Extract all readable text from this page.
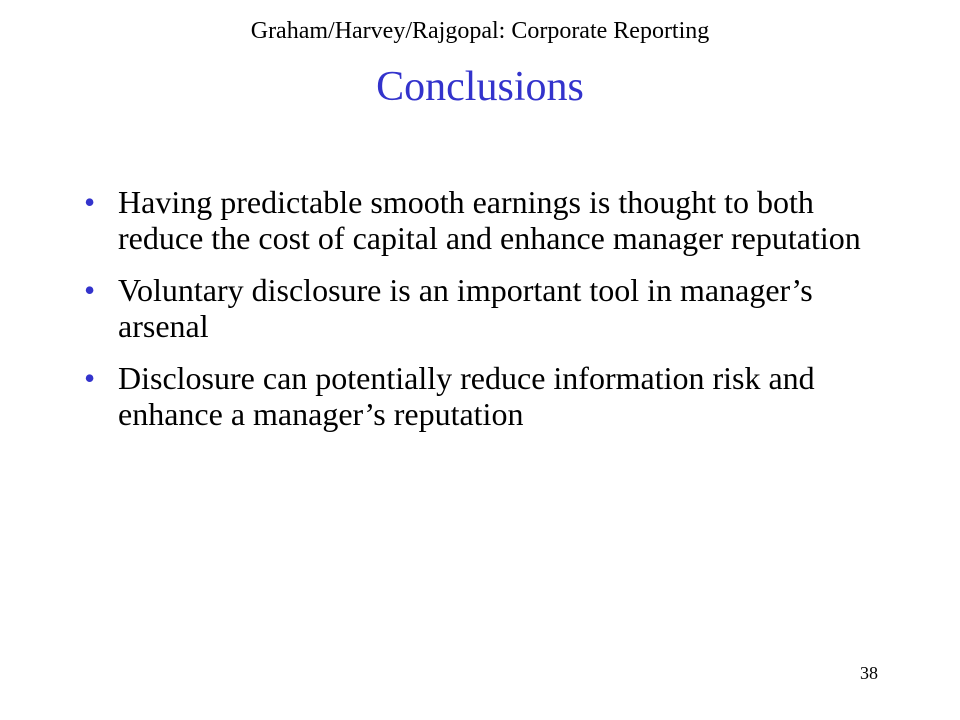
Graham/Harvey/Rajgopal: Corporate Reporting
Conclusions
• Having predictable smooth earnings is thought to both reduce the cost of capital and enhance manager reputation
• Voluntary disclosure is an important tool in manager’s arsenal
• Disclosure can potentially reduce information risk and enhance a manager’s reputation
38
